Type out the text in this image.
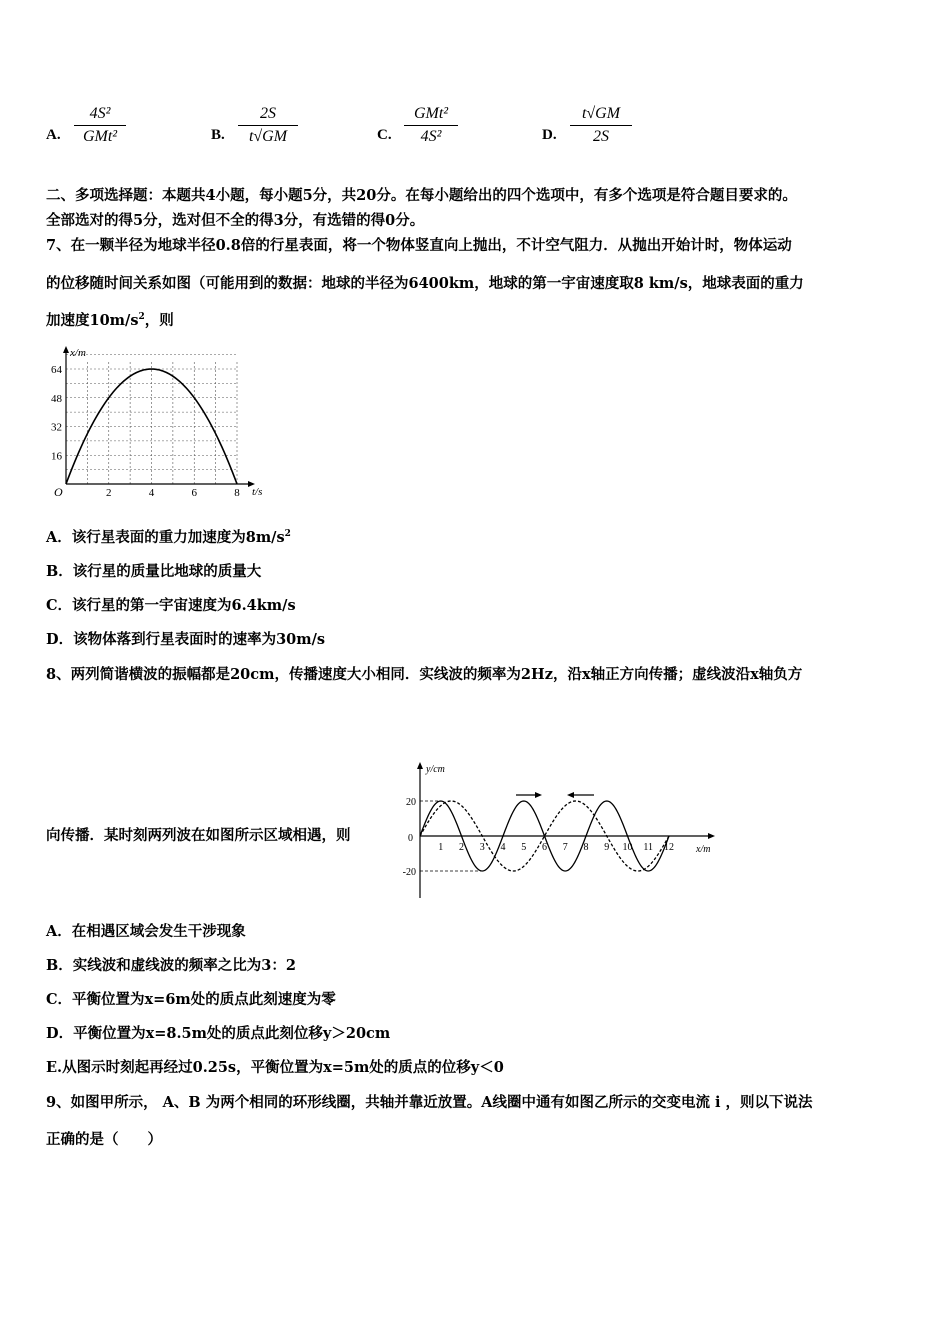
A.
4S²
GMt²	B.
2S
t√GM	C.
GMt²
4S²	D.
t√GM
2S
二、多项选择题：本题共4小题，每小题5分，共20分。在每小题给出的四个选项中，有多个选项是符合题目要求的。
全部选对的得5分，选对但不全的得3分，有选错的得0分。
7、在一颗半径为地球半径0.8倍的行星表面，将一个物体竖直向上抛出，不计空气阻力．从抛出开始计时，物体运动
的位移随时间关系如图（可能用到的数据：地球的半径为6400km，地球的第一宇宙速度取8 km/s，地球表面的重力
加速度$10m/s^2$，则
2	4	6	8
16
32
48
64
x/m
t/s
O
A．该行星表面的重力加速度为$8m/s^2$
B．该行星的质量比地球的质量大
C．该行星的第一宇宙速度为6.4km/s
D．该物体落到行星表面时的速率为30m/s
8、两列简谐横波的振幅都是20cm，传播速度大小相同．实线波的频率为2Hz，沿x轴正方向传播；虚线波沿x轴负方
向传播．某时刻两列波在如图所示区域相遇，则
1 2 3 4 5 6 7 8 9 10 11 12
20
-20
y/cm
x/m
0
A．在相遇区域会发生干涉现象
B．实线波和虚线波的频率之比为3：2
C．平衡位置为x=6m处的质点此刻速度为零
D．平衡位置为x=8.5m处的质点此刻位移y＞20cm
E.从图示时刻起再经过0.25s，平衡位置为x=5m处的质点的位移y＜0
9、如图甲所示， A、B 为两个相同的环形线圈，共轴并靠近放置。A线圈中通有如图乙所示的交变电流 i ，则以下说法
正确的是（　　）
